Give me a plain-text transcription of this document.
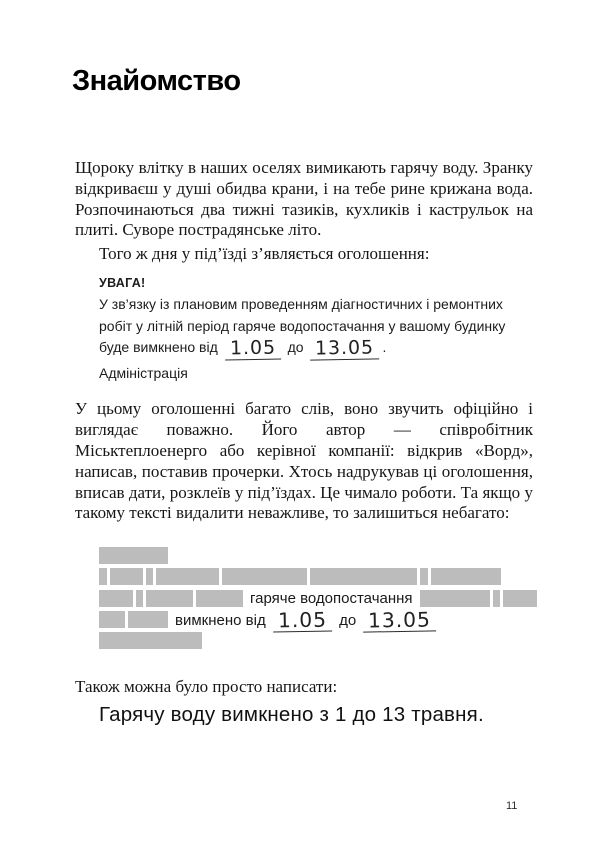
Знайомство

Щороку влітку в наших оселях вимикають гарячу воду. Зранку відкриваєш у душі обидва крани, і на тебе рине крижана вода. Розпочинаються два тижні тазиків, кухликів і каструльок на плиті. Суворе пострадянське літо.

Того ж дня у під’їзді з’являється оголошення:

УВАГА!
У зв’язку із плановим проведенням діагностичних і ремонтних
робіт у літній період гаряче водопостачання у вашому будинку
буде вимкнено від 1.05 до 13.05 .
Адміністрація

У цьому оголошенні багато слів, воно звучить офіційно і виглядає поважно. Його автор — співробітник Міськтеплоенерго або керівної компанії: відкрив «Ворд», написав, поставив прочерки. Хтось надрукував ці оголошення, вписав дати, розклеїв у під’їздах. Це чимало роботи. Та якщо у такому тексті видалити неважливе, то залишиться небагато:

гаряче водопостачання
вимкнено від 1.05 до 13.05

Також можна було просто написати:

Гарячу воду вимкнено з 1 до 13 травня.
11
